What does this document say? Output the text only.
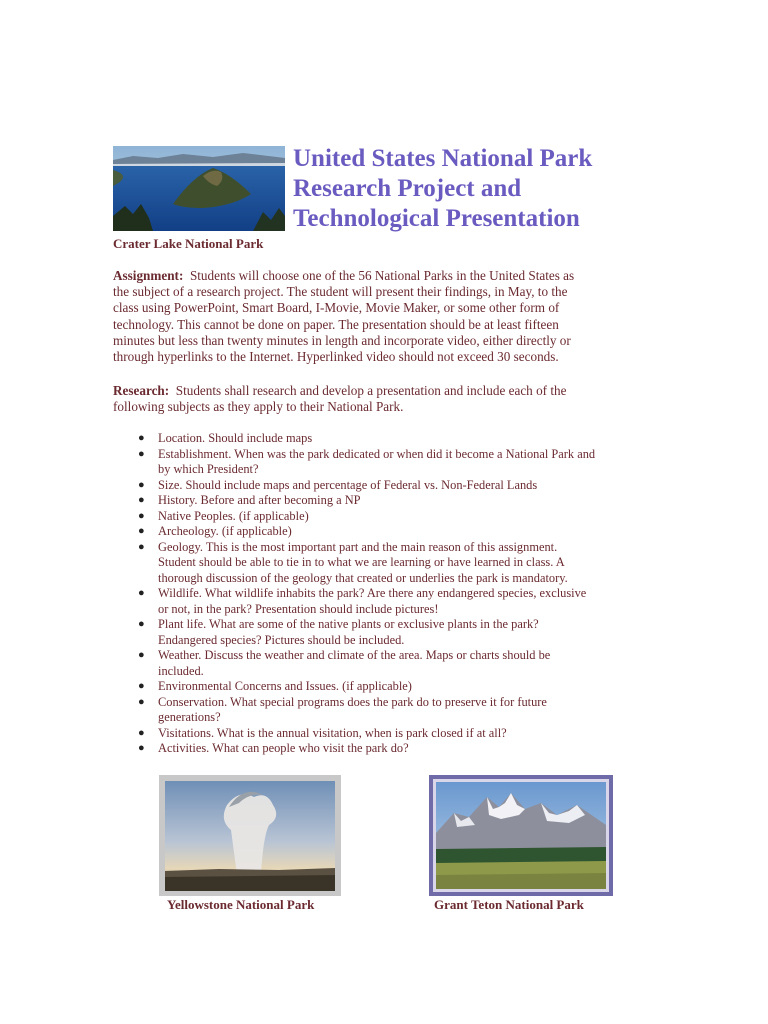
Crater Lake National Park
United States National Park
Research Project and
Technological Presentation
Assignment: Students will choose one of the 56 National Parks in the United States as
the subject of a research project. The student will present their findings, in May, to the
class using PowerPoint, Smart Board, I-Movie, Movie Maker, or some other form of
technology. This cannot be done on paper. The presentation should be at least fifteen
minutes but less than twenty minutes in length and incorporate video, either directly or
through hyperlinks to the Internet. Hyperlinked video should not exceed 30 seconds.
Research: Students shall research and develop a presentation and include each of the
following subjects as they apply to their National Park.
● Location. Should include maps
● Establishment. When was the park dedicated or when did it become a National Park and
by which President?
● Size. Should include maps and percentage of Federal vs. Non-Federal Lands
● History. Before and after becoming a NP
● Native Peoples. (if applicable)
● Archeology. (if applicable)
● Geology. This is the most important part and the main reason of this assignment.
Student should be able to tie in to what we are learning or have learned in class. A
thorough discussion of the geology that created or underlies the park is mandatory.
● Wildlife. What wildlife inhabits the park? Are there any endangered species, exclusive
or not, in the park? Presentation should include pictures!
● Plant life. What are some of the native plants or exclusive plants in the park?
Endangered species? Pictures should be included.
● Weather. Discuss the weather and climate of the area. Maps or charts should be
included.
● Environmental Concerns and Issues. (if applicable)
● Conservation. What special programs does the park do to preserve it for future
generations?
● Visitations. What is the annual visitation, when is park closed if at all?
● Activities. What can people who visit the park do?
Yellowstone National Park	Grant Teton National Park
